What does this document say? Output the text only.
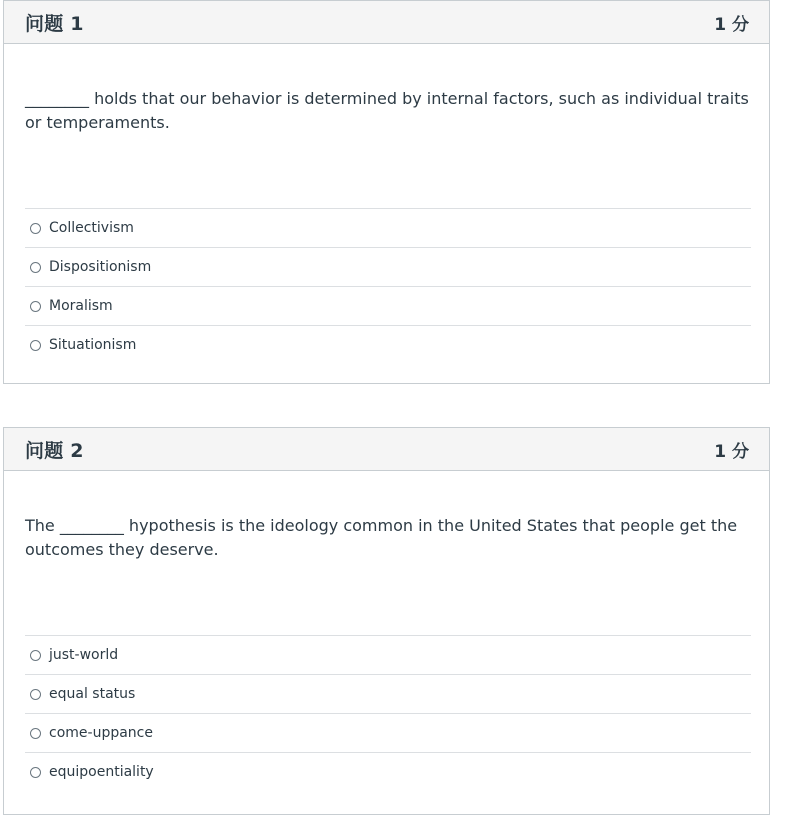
问题 1	1 分
________ holds that our behavior is determined by internal factors, such as individual traits or temperaments.
Collectivism
Dispositionism
Moralism
Situationism
问题 2	1 分
The ________ hypothesis is the ideology common in the United States that people get the outcomes they deserve.
just-world
equal status
come-uppance
equipoentiality
